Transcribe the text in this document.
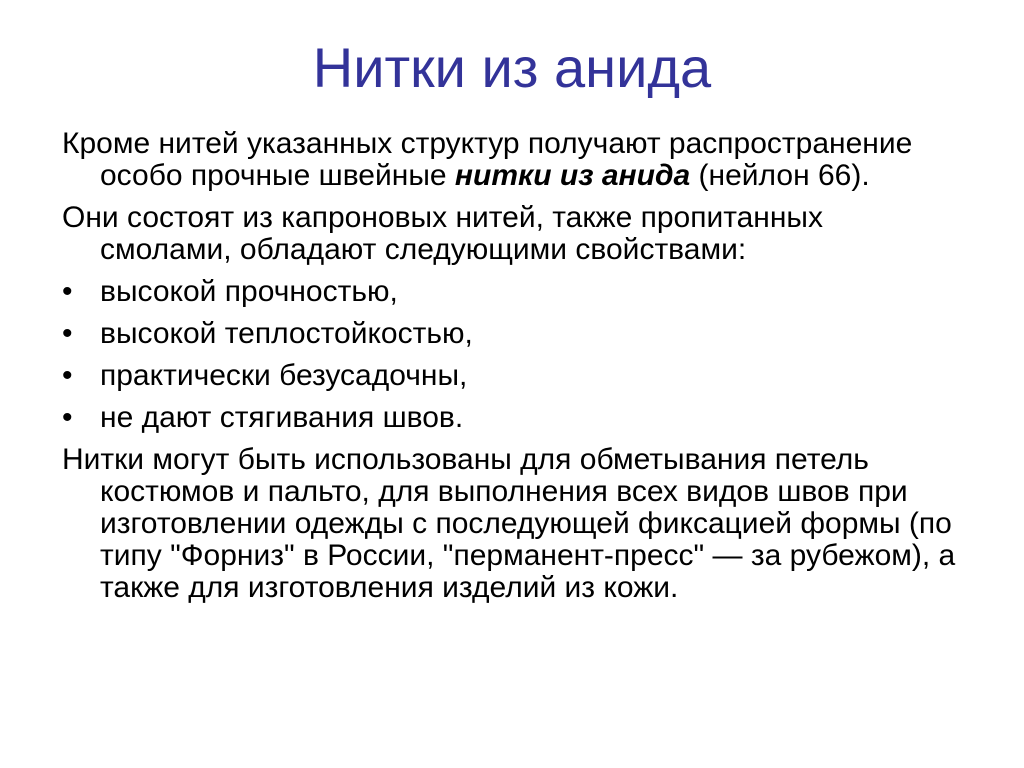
Нитки из анида

Кроме нитей указанных структур получают распространение особо прочные швейные нитки из анида (нейлон 66).

Они состоят из капроновых нитей, также пропитанных смолами, обладают следующими свойствами:

• высокой прочностью,
• высокой теплостойкостью,
• практически безусадочны,
• не дают стягивания швов.

Нитки могут быть использованы для обметывания петель костюмов и пальто, для выполнения всех видов швов при изготовлении одежды с последующей фиксацией формы (по типу "Форниз" в России, "перманент-пресс" — за рубежом), а также для изготовления изделий из кожи.
